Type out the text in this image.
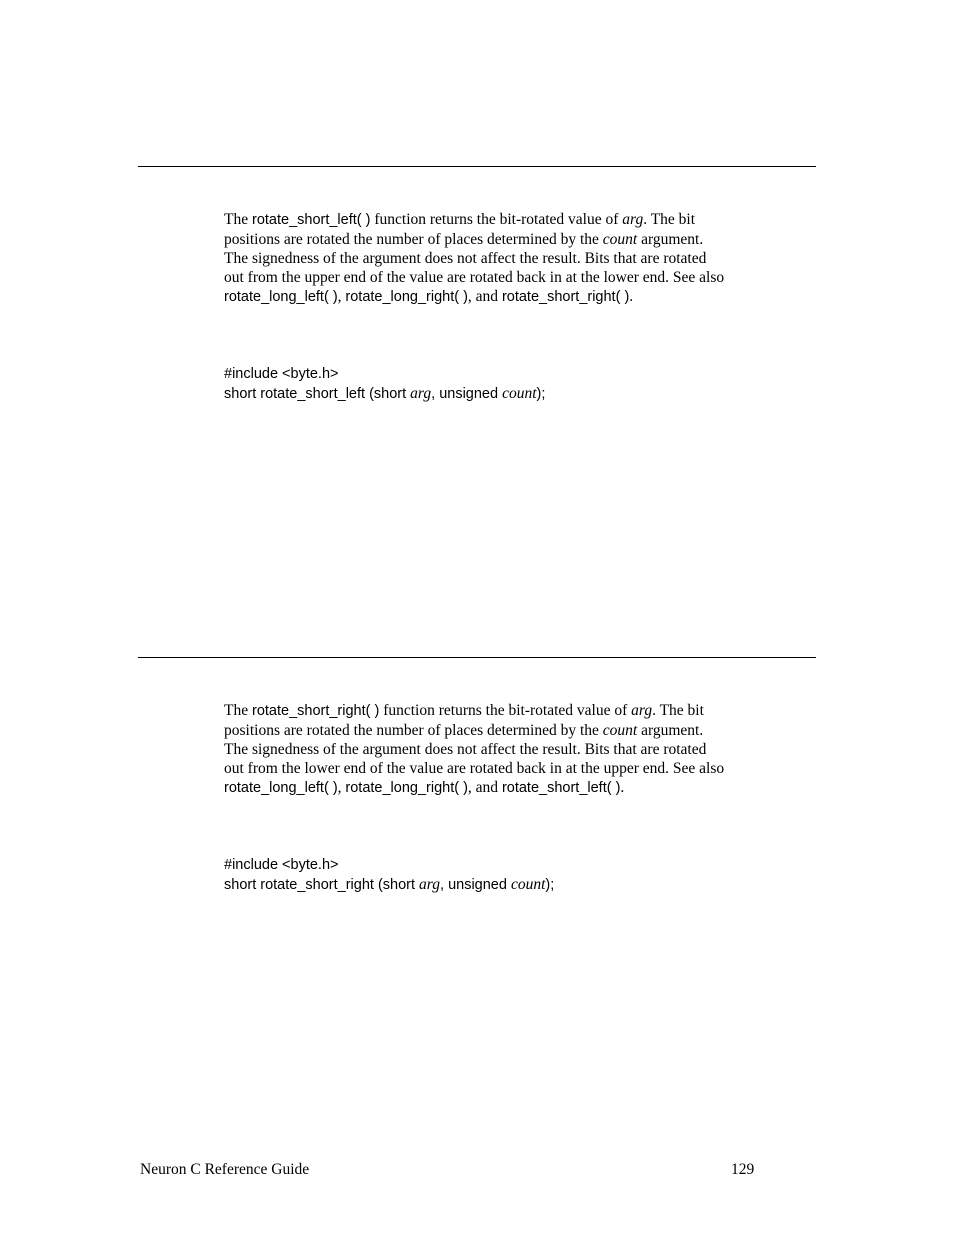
The rotate_short_left( ) function returns the bit-rotated value of arg. The bit
positions are rotated the number of places determined by the count argument.
The signedness of the argument does not affect the result. Bits that are rotated
out from the upper end of the value are rotated back in at the lower end. See also
rotate_long_left( ), rotate_long_right( ), and rotate_short_right( ).
#include <byte.h>
short rotate_short_left (short arg, unsigned count);
The rotate_short_right( ) function returns the bit-rotated value of arg. The bit
positions are rotated the number of places determined by the count argument.
The signedness of the argument does not affect the result. Bits that are rotated
out from the lower end of the value are rotated back in at the upper end. See also
rotate_long_left( ), rotate_long_right( ), and rotate_short_left( ).
#include <byte.h>
short rotate_short_right (short arg, unsigned count);
Neuron C Reference Guide	129
